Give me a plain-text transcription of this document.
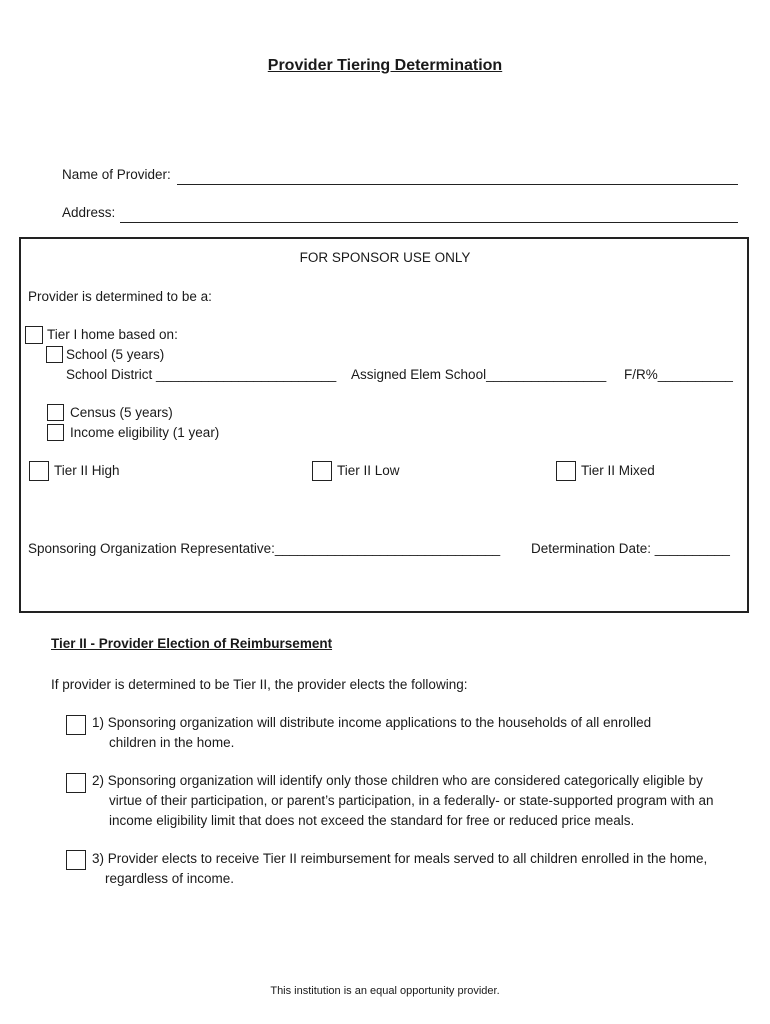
Provider Tiering Determination
Name of Provider:
Address:
FOR SPONSOR USE ONLY
Provider is determined to be a:
Tier I home based on:
School (5 years)
School District ________________________ Assigned Elem School________________ F/R%__________
Census (5 years)
Income eligibility (1 year)
Tier II High	Tier II Low	Tier II Mixed
Sponsoring Organization Representative:______________________________ Determination Date: __________
Tier II - Provider Election of Reimbursement
If provider is determined to be Tier II, the provider elects the following:
1) Sponsoring organization will distribute income applications to the households of all enrolled
children in the home.
2) Sponsoring organization will identify only those children who are considered categorically eligible by
virtue of their participation, or parent’s participation, in a federally- or state-supported program with an
income eligibility limit that does not exceed the standard for free or reduced price meals.
3) Provider elects to receive Tier II reimbursement for meals served to all children enrolled in the home,
regardless of income.
This institution is an equal opportunity provider.
